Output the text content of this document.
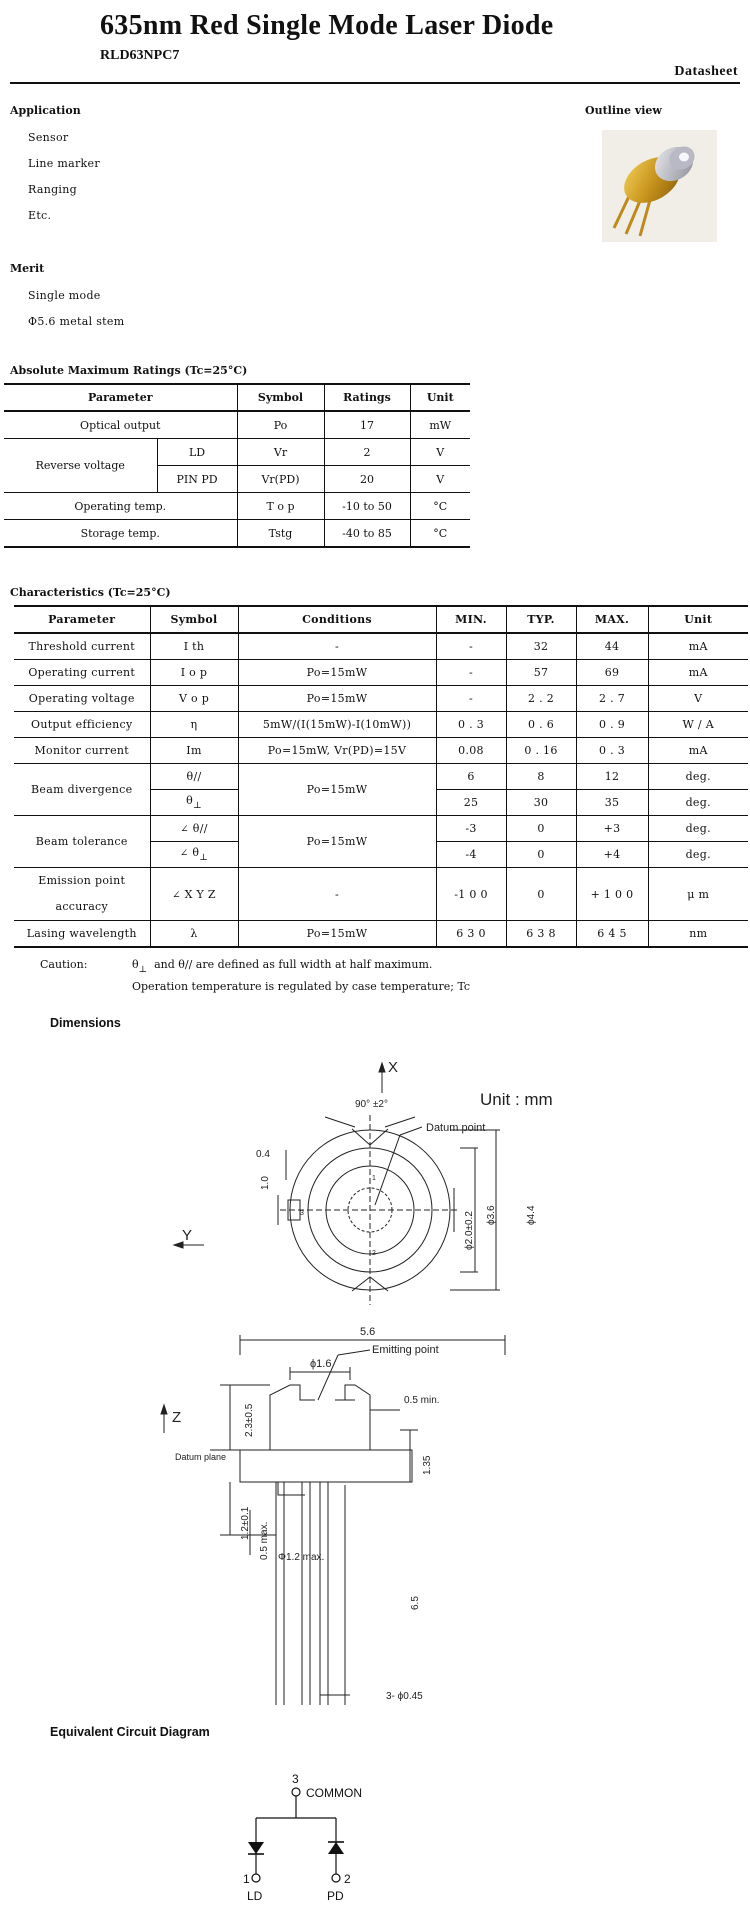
635nm Red Single Mode Laser Diode
RLD63NPC7
Datasheet
Application
Sensor
Line marker
Ranging
Etc.
Outline view
Merit
Single mode
Φ5.6 metal stem
Absolute Maximum Ratings (Tc=25°C)
Parameter		Symbol	Ratings	Unit
Optical output		Po	17	mW
Reverse voltage	LD	Vr	2	V
	PIN PD	Vr(PD)	20	V
Operating temp.		T o p	-10 to 50	°C
Storage temp.		Tstg	-40 to 85	°C
Characteristics (Tc=25°C)
Parameter	Symbol	Conditions	MIN.	TYP.	MAX.	Unit
Threshold current	I th	-	-	32	44	mA
Operating current	I o p	Po=15mW	-	57	69	mA
Operating voltage	V o p	Po=15mW	-	2 . 2	2 . 7	V
Output efficiency	η	5mW/(I(15mW)-I(10mW))	0 . 3	0 . 6	0 . 9	W / A
Monitor current	Im	Po=15mW, Vr(PD)=15V	0.08	0 . 16	0 . 3	mA
Beam divergence	θ//	Po=15mW	6	8	12	deg.
	$\theta_\perp$		25	30	35	deg.
Beam tolerance	∠ θ//	Po=15mW	-3	0	+3	deg.
	∠ $\theta_\perp$		-4	0	+4	deg.
Emission point
accuracy	∠ X Y Z	-	-1 0 0	0	+ 1 0 0	μ m
Lasing wavelength	λ	Po=15mW	6 3 0	6 3 8	6 4 5	nm
Caution:	$\theta_\perp$ and θ// are defined as full width at half maximum.
Operation temperature is regulated by case temperature; Tc
Dimensions
X
Unit : mm
90° ±2°
Datum point
0.4
1.0
Y	ϕ2.0±0.2 ϕ3.6	ϕ4.4
3
1
2
5.6
ϕ1.6
Emitting point
0.5 min.
Z	2.3±0.5
Datum plane	1.35
1.2±0.1 0.5 max. Φ1.2 max.
6.5
3- ϕ0.45
Equivalent Circuit Diagram
3
COMMON
1	2
LD	PD
